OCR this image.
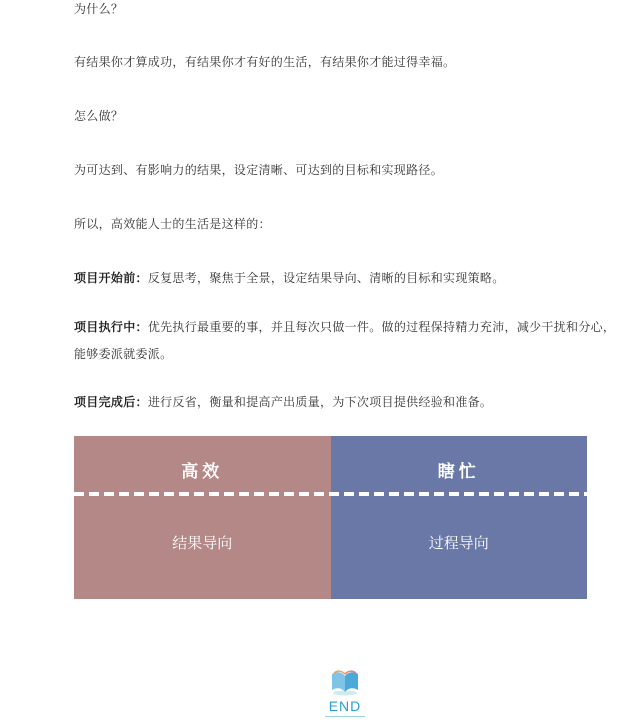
为什么？

有结果你才算成功，有结果你才有好的生活，有结果你才能过得幸福。

怎么做？

为可达到、有影响力的结果，设定清晰、可达到的目标和实现路径。

所以，高效能人士的生活是这样的：

项目开始前：反复思考，聚焦于全景，设定结果导向、清晰的目标和实现策略。

项目执行中：优先执行最重要的事，并且每次只做一件。做的过程保持精力充沛，减少干扰和分心，能够委派就委派。

项目完成后：进行反省，衡量和提高产出质量，为下次项目提供经验和准备。

高效
结果导向
瞎忙
过程导向
END
